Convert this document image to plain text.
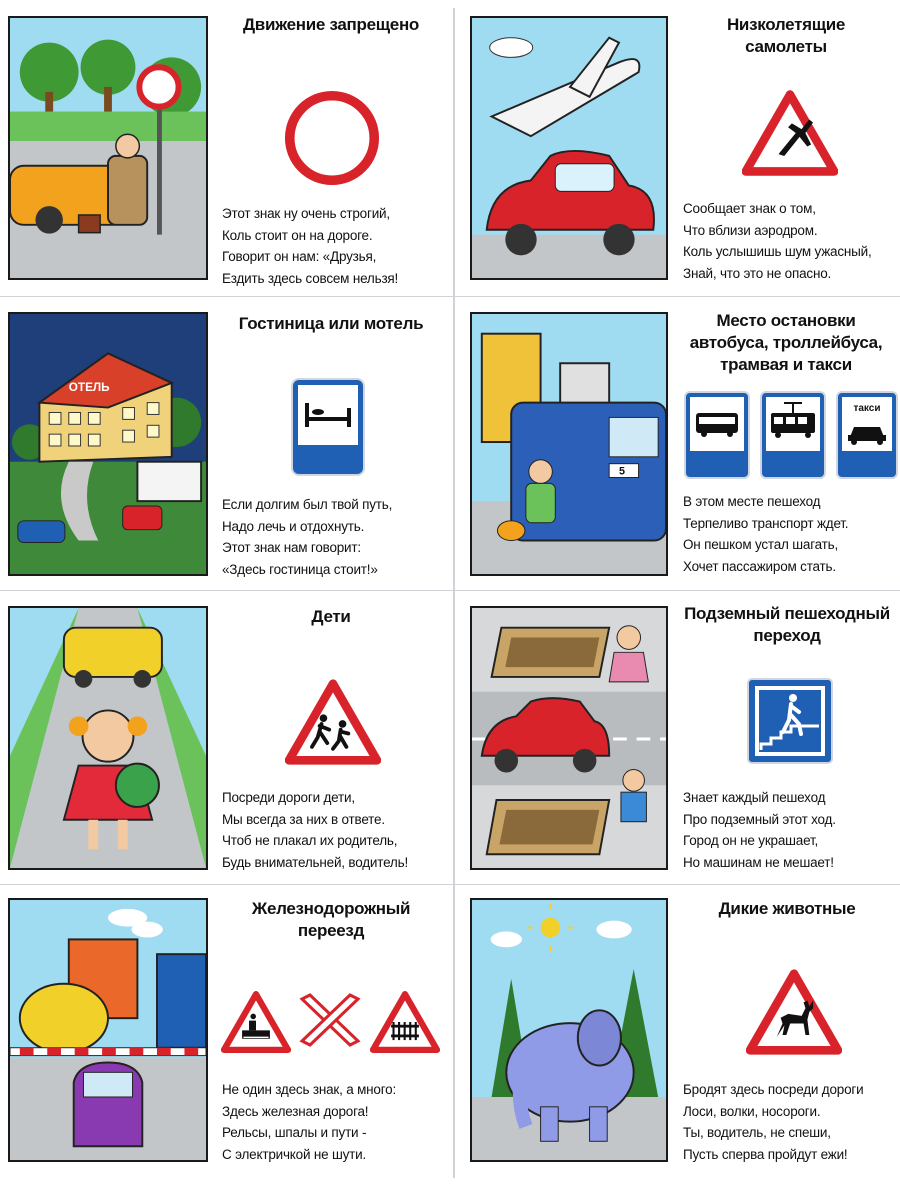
Движение запрещено
Этот знак ну очень строгий,
Коль стоит он на дороге.
Говорит он нам: «Друзья,
Ездить здесь совсем нельзя!
Низколетящие
самолеты
Сообщает знак о том,
Что вблизи аэродром.
Коль услышишь шум ужасный,
Знай, что это не опасно.
ОТЕЛЬ
Гостиница или мотель
Если долгим был твой путь,
Надо лечь и отдохнуть.
Этот знак нам говорит:
«Здесь гостиница стоит!»
5
Место остановки
автобуса, троллейбуса,
трамвая и такси
такси
В этом месте пешеход
Терпеливо транспорт ждет.
Он пешком устал шагать,
Хочет пассажиром стать.
Дети
Посреди дороги дети,
Мы всегда за них в ответе.
Чтоб не плакал их родитель,
Будь внимательней, водитель!
Подземный пешеходный
переход
Знает каждый пешеход
Про подземный этот ход.
Город он не украшает,
Но машинам не мешает!
Железнодорожный
переезд
Не один здесь знак, а много:
Здесь железная дорога!
Рельсы, шпалы и пути -
С электричкой не шути.
Дикие животные
Бродят здесь посреди дороги
Лоси, волки, носороги.
Ты, водитель, не спеши,
Пусть сперва пройдут ежи!
